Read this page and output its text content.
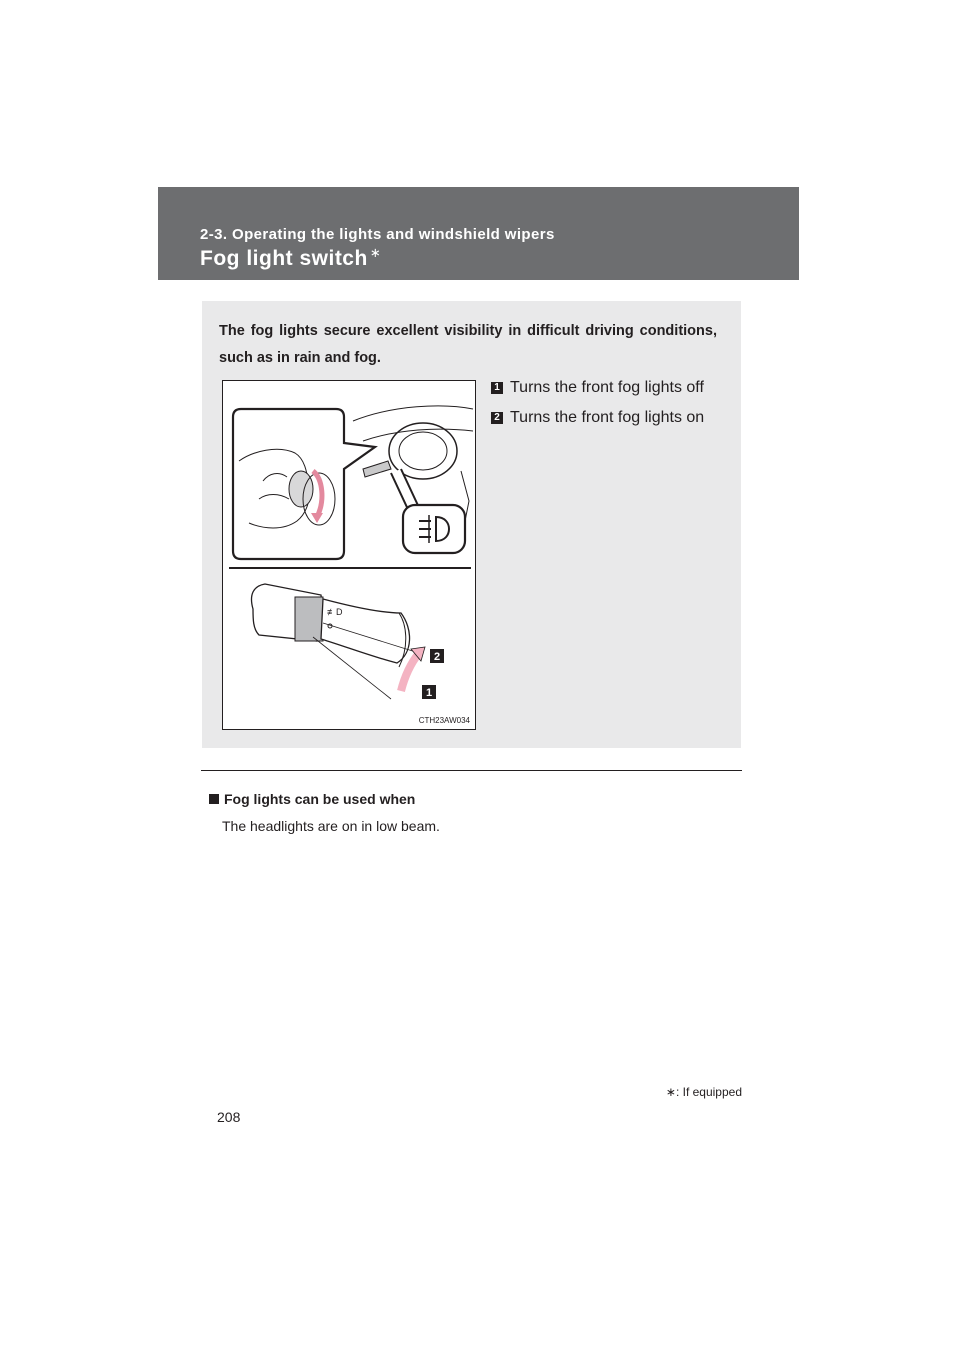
2-3. Operating the lights and windshield wipers
Fog light switch ∗
The fog lights secure excellent visibility in difficult driving conditions, such as in rain and fog.
≢D
2
1
CTH23AW034
1 Turns the front fog lights off
2 Turns the front fog lights on
Fog lights can be used when
The headlights are on in low beam.
∗: If equipped
208
